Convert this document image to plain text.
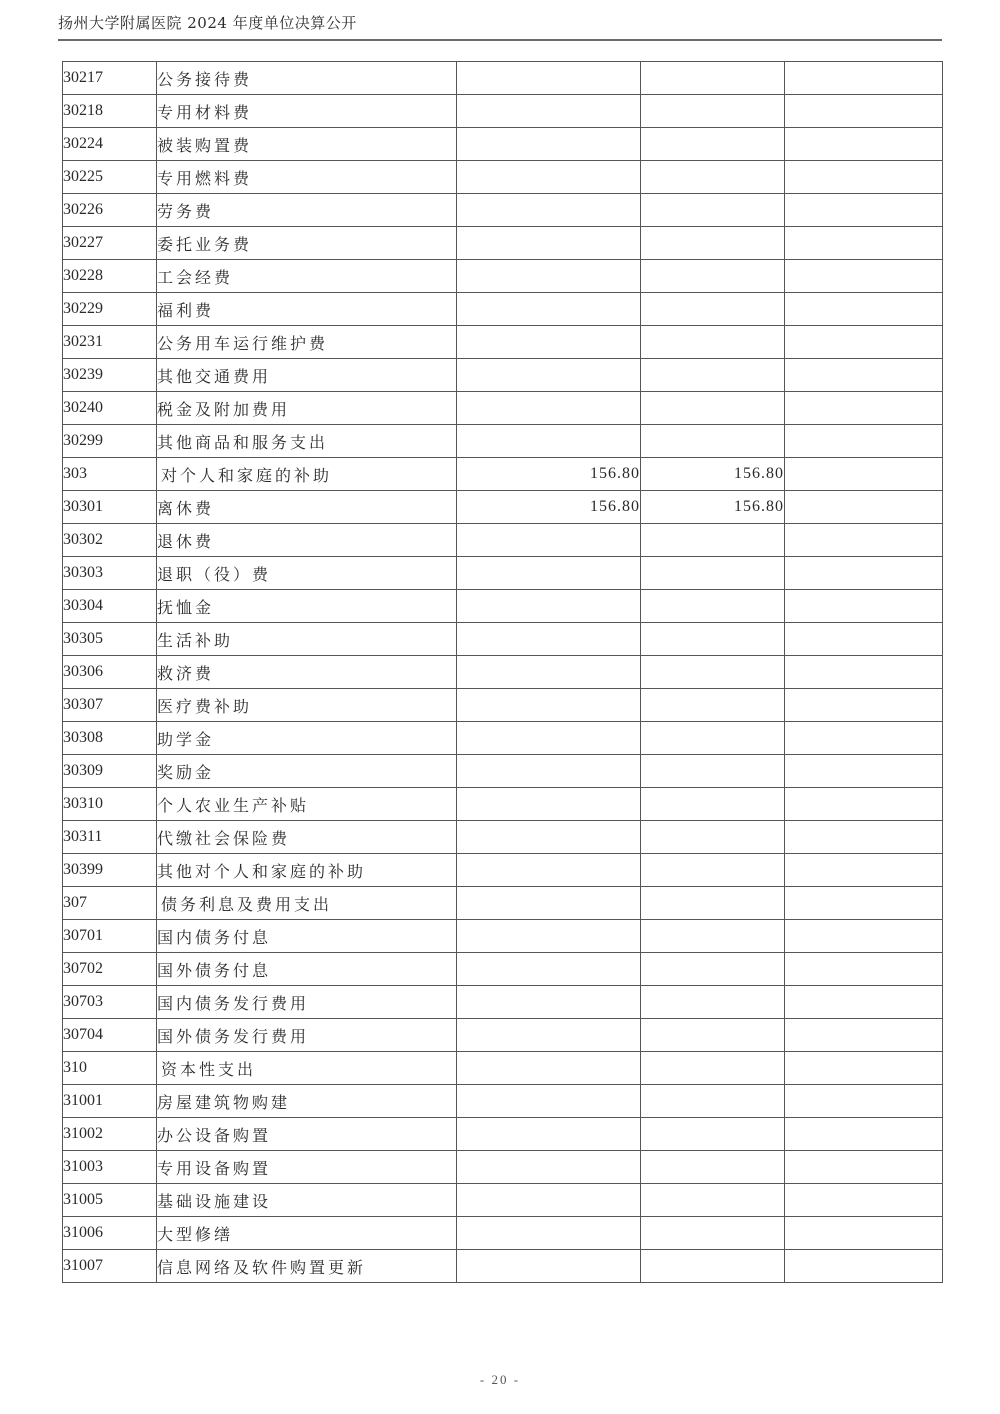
扬州大学附属医院 2024 年度单位决算公开
30217	公务接待费			
30218	专用材料费			
30224	被装购置费			
30225	专用燃料费			
30226	劳务费			
30227	委托业务费			
30228	工会经费			
30229	福利费			
30231	公务用车运行维护费			
30239	其他交通费用			
30240	税金及附加费用			
30299	其他商品和服务支出			
303	对个人和家庭的补助	156.80	156.80	
30301	离休费	156.80	156.80	
30302	退休费			
30303	退职（役）费			
30304	抚恤金			
30305	生活补助			
30306	救济费			
30307	医疗费补助			
30308	助学金			
30309	奖励金			
30310	个人农业生产补贴			
30311	代缴社会保险费			
30399	其他对个人和家庭的补助			
307	债务利息及费用支出			
30701	国内债务付息			
30702	国外债务付息			
30703	国内债务发行费用			
30704	国外债务发行费用			
310	资本性支出			
31001	房屋建筑物购建			
31002	办公设备购置			
31003	专用设备购置			
31005	基础设施建设			
31006	大型修缮			
31007	信息网络及软件购置更新			
- 20 -
